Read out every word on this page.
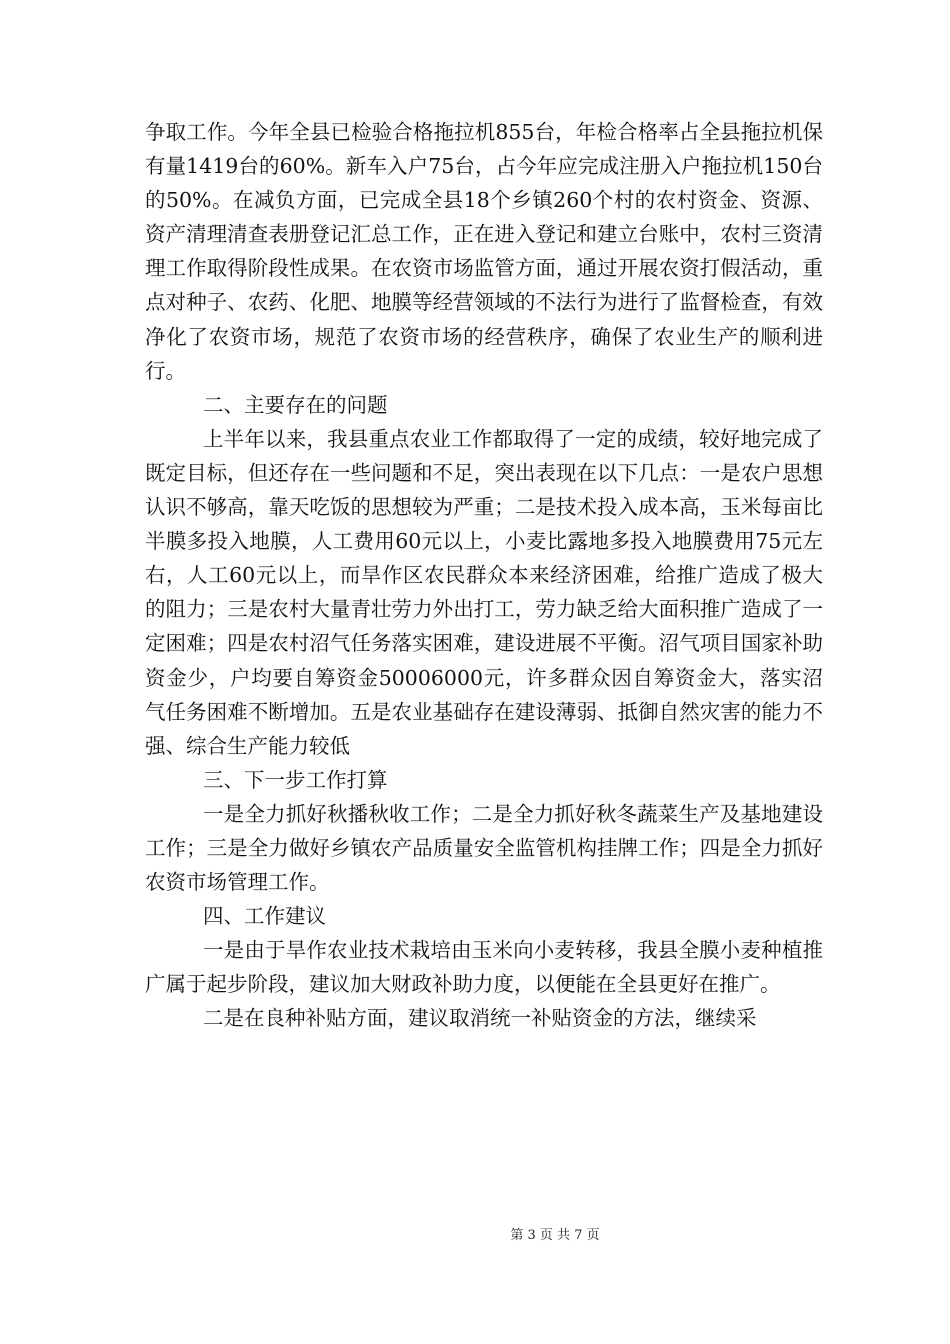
争取工作。今年全县已检验合格拖拉机855台，年检合格率占全县拖拉机保有量1419台的60%。新车入户75台，占今年应完成注册入户拖拉机150台的50%。在减负方面，已完成全县18个乡镇260个村的农村资金、资源、资产清理清查表册登记汇总工作，正在进入登记和建立台账中，农村三资清理工作取得阶段性成果。在农资市场监管方面，通过开展农资打假活动，重点对种子、农药、化肥、地膜等经营领域的不法行为进行了监督检查，有效净化了农资市场，规范了农资市场的经营秩序，确保了农业生产的顺利进行。

二、主要存在的问题

上半年以来，我县重点农业工作都取得了一定的成绩，较好地完成了既定目标，但还存在一些问题和不足，突出表现在以下几点：一是农户思想认识不够高，靠天吃饭的思想较为严重；二是技术投入成本高，玉米每亩比半膜多投入地膜，人工费用60元以上，小麦比露地多投入地膜费用75元左右，人工60元以上，而旱作区农民群众本来经济困难，给推广造成了极大的阻力；三是农村大量青壮劳力外出打工，劳力缺乏给大面积推广造成了一定困难；四是农村沼气任务落实困难，建设进展不平衡。沼气项目国家补助资金少，户均要自筹资金50006000元，许多群众因自筹资金大，落实沼气任务困难不断增加。五是农业基础存在建设薄弱、抵御自然灾害的能力不强、综合生产能力较低

三、下一步工作打算

一是全力抓好秋播秋收工作；二是全力抓好秋冬蔬菜生产及基地建设工作；三是全力做好乡镇农产品质量安全监管机构挂牌工作；四是全力抓好农资市场管理工作。

四、工作建议

一是由于旱作农业技术栽培由玉米向小麦转移，我县全膜小麦种植推广属于起步阶段，建议加大财政补助力度，以便能在全县更好在推广。

二是在良种补贴方面，建议取消统一补贴资金的方法，继续采

第 3 页 共 7 页
